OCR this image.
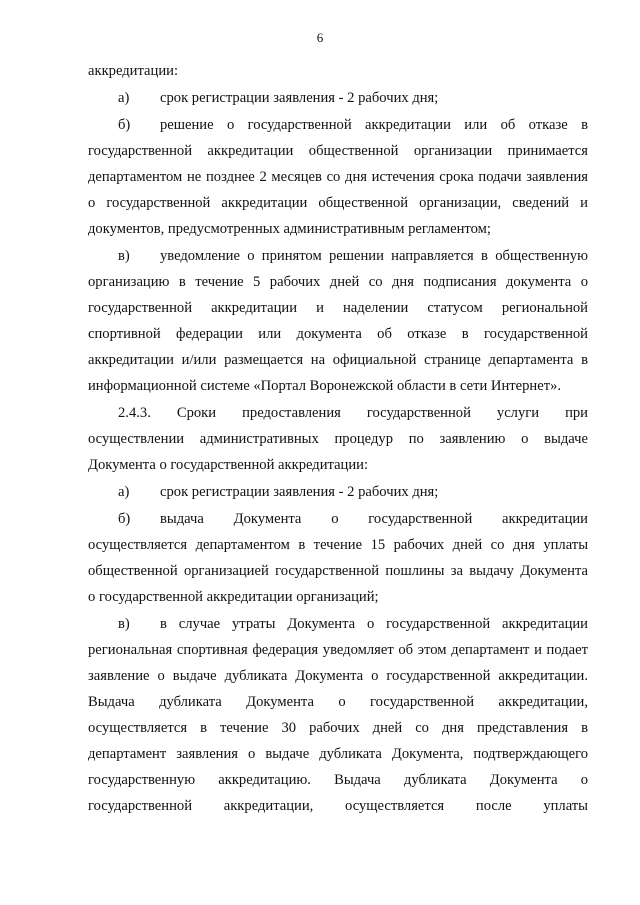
6
аккредитации:
а)	срок регистрации заявления - 2 рабочих дня;
б)	решение о государственной аккредитации или об отказе в
государственной аккредитации общественной организации принимается
департаментом не позднее 2 месяцев со дня истечения срока подачи заявления
о государственной аккредитации общественной организации, сведений и
документов, предусмотренных административным регламентом;
в)	уведомление о принятом решении направляется в общественную
организацию в течение 5 рабочих дней со дня подписания документа о
государственной аккредитации и наделении статусом региональной
спортивной федерации или документа об отказе в государственной
аккредитации и/или размещается на официальной странице департамента в
информационной системе «Портал Воронежской области в сети Интернет».
2.4.3. Сроки предоставления государственной услуги при
осуществлении административных процедур по заявлению о выдаче
Документа о государственной аккредитации:
а)	срок регистрации заявления - 2 рабочих дня;
б)	выдача Документа о государственной аккредитации
осуществляется департаментом в течение 15 рабочих дней со дня уплаты
общественной организацией государственной пошлины за выдачу Документа
о государственной аккредитации организаций;
в)	в случае утраты Документа о государственной аккредитации
региональная спортивная федерация уведомляет об этом департамент и подает
заявление о выдаче дубликата Документа о государственной аккредитации.
Выдача дубликата Документа о государственной аккредитации,
осуществляется в течение 30 рабочих дней со дня представления в
департамент заявления о выдаче дубликата Документа, подтверждающего
государственную аккредитацию. Выдача дубликата Документа о
государственной аккредитации, осуществляется после уплаты
